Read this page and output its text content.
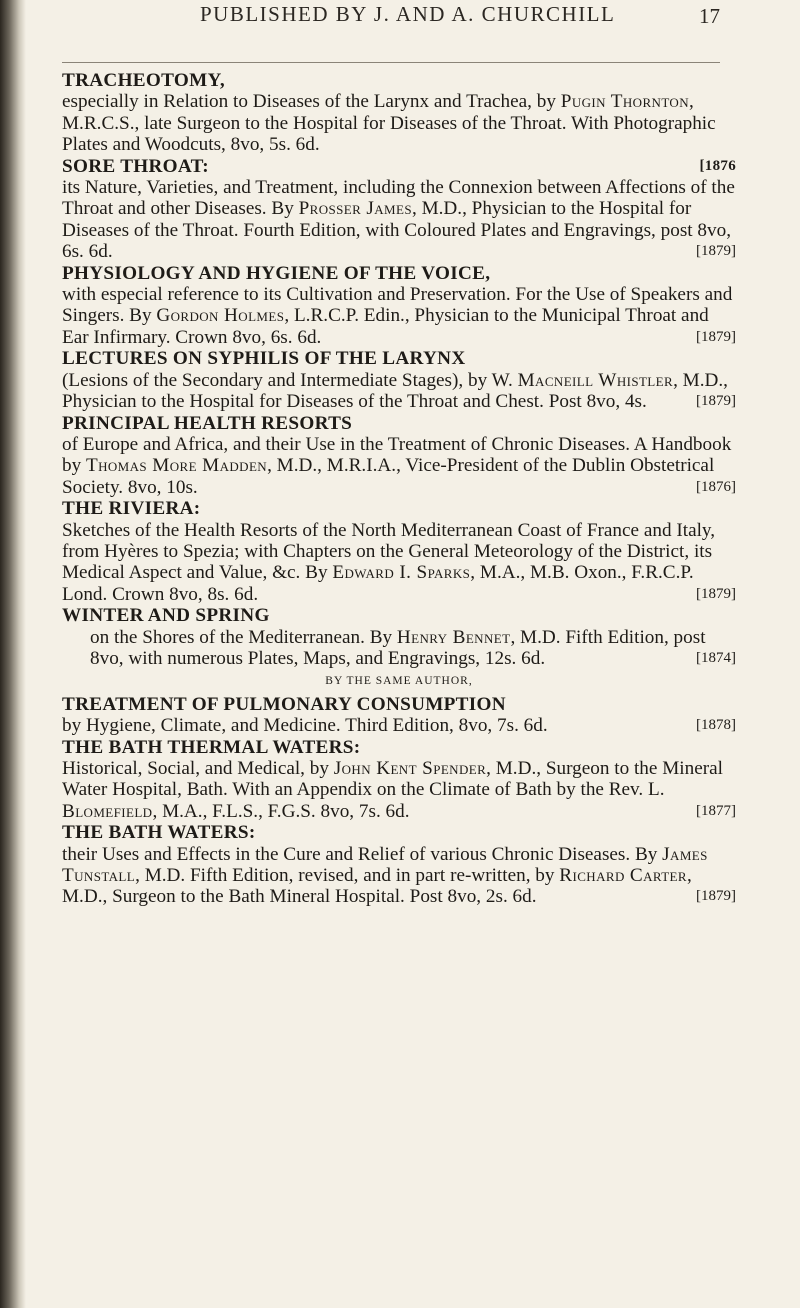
PUBLISHED BY J. AND A. CHURCHILL	17
TRACHEOTOMY,
especially in Relation to Diseases of the Larynx and Trachea, by Pugin Thornton, M.R.C.S., late Surgeon to the Hospital for Diseases of the Throat. With Photographic Plates and Woodcuts, 8vo, 5s. 6d.
SORE THROAT:	[1876
its Nature, Varieties, and Treatment, including the Connexion between Affections of the Throat and other Diseases. By Prosser James, M.D., Physician to the Hospital for Diseases of the Throat. Fourth Edition, with Coloured Plates and Engravings, post 8vo, 6s. 6d.	[1879]
PHYSIOLOGY AND HYGIENE OF THE VOICE,
with especial reference to its Cultivation and Preservation. For the Use of Speakers and Singers. By Gordon Holmes, L.R.C.P. Edin., Physician to the Municipal Throat and Ear Infirmary. Crown 8vo, 6s. 6d.	[1879]
LECTURES ON SYPHILIS OF THE LARYNX
(Lesions of the Secondary and Intermediate Stages), by W. Macneill Whistler, M.D., Physician to the Hospital for Diseases of the Throat and Chest. Post 8vo, 4s.	[1879]
PRINCIPAL HEALTH RESORTS
of Europe and Africa, and their Use in the Treatment of Chronic Diseases. A Handbook by Thomas More Madden, M.D., M.R.I.A., Vice-President of the Dublin Obstetrical Society. 8vo, 10s.	[1876]
THE RIVIERA:
Sketches of the Health Resorts of the North Mediterranean Coast of France and Italy, from Hyères to Spezia; with Chapters on the General Meteorology of the District, its Medical Aspect and Value, &c. By Edward I. Sparks, M.A., M.B. Oxon., F.R.C.P. Lond. Crown 8vo, 8s. 6d.	[1879]
WINTER AND SPRING
on the Shores of the Mediterranean. By Henry Bennet, M.D. Fifth Edition, post 8vo, with numerous Plates, Maps, and Engravings, 12s. 6d.	[1874]
BY THE SAME AUTHOR,
TREATMENT OF PULMONARY CONSUMPTION
by Hygiene, Climate, and Medicine. Third Edition, 8vo, 7s. 6d.	[1878]
THE BATH THERMAL WATERS:
Historical, Social, and Medical, by John Kent Spender, M.D., Surgeon to the Mineral Water Hospital, Bath. With an Appendix on the Climate of Bath by the Rev. L. Blomefield, M.A., F.L.S., F.G.S. 8vo, 7s. 6d.	[1877]
THE BATH WATERS:
their Uses and Effects in the Cure and Relief of various Chronic Diseases. By James Tunstall, M.D. Fifth Edition, revised, and in part re-written, by Richard Carter, M.D., Surgeon to the Bath Mineral Hospital. Post 8vo, 2s. 6d.	[1879]
